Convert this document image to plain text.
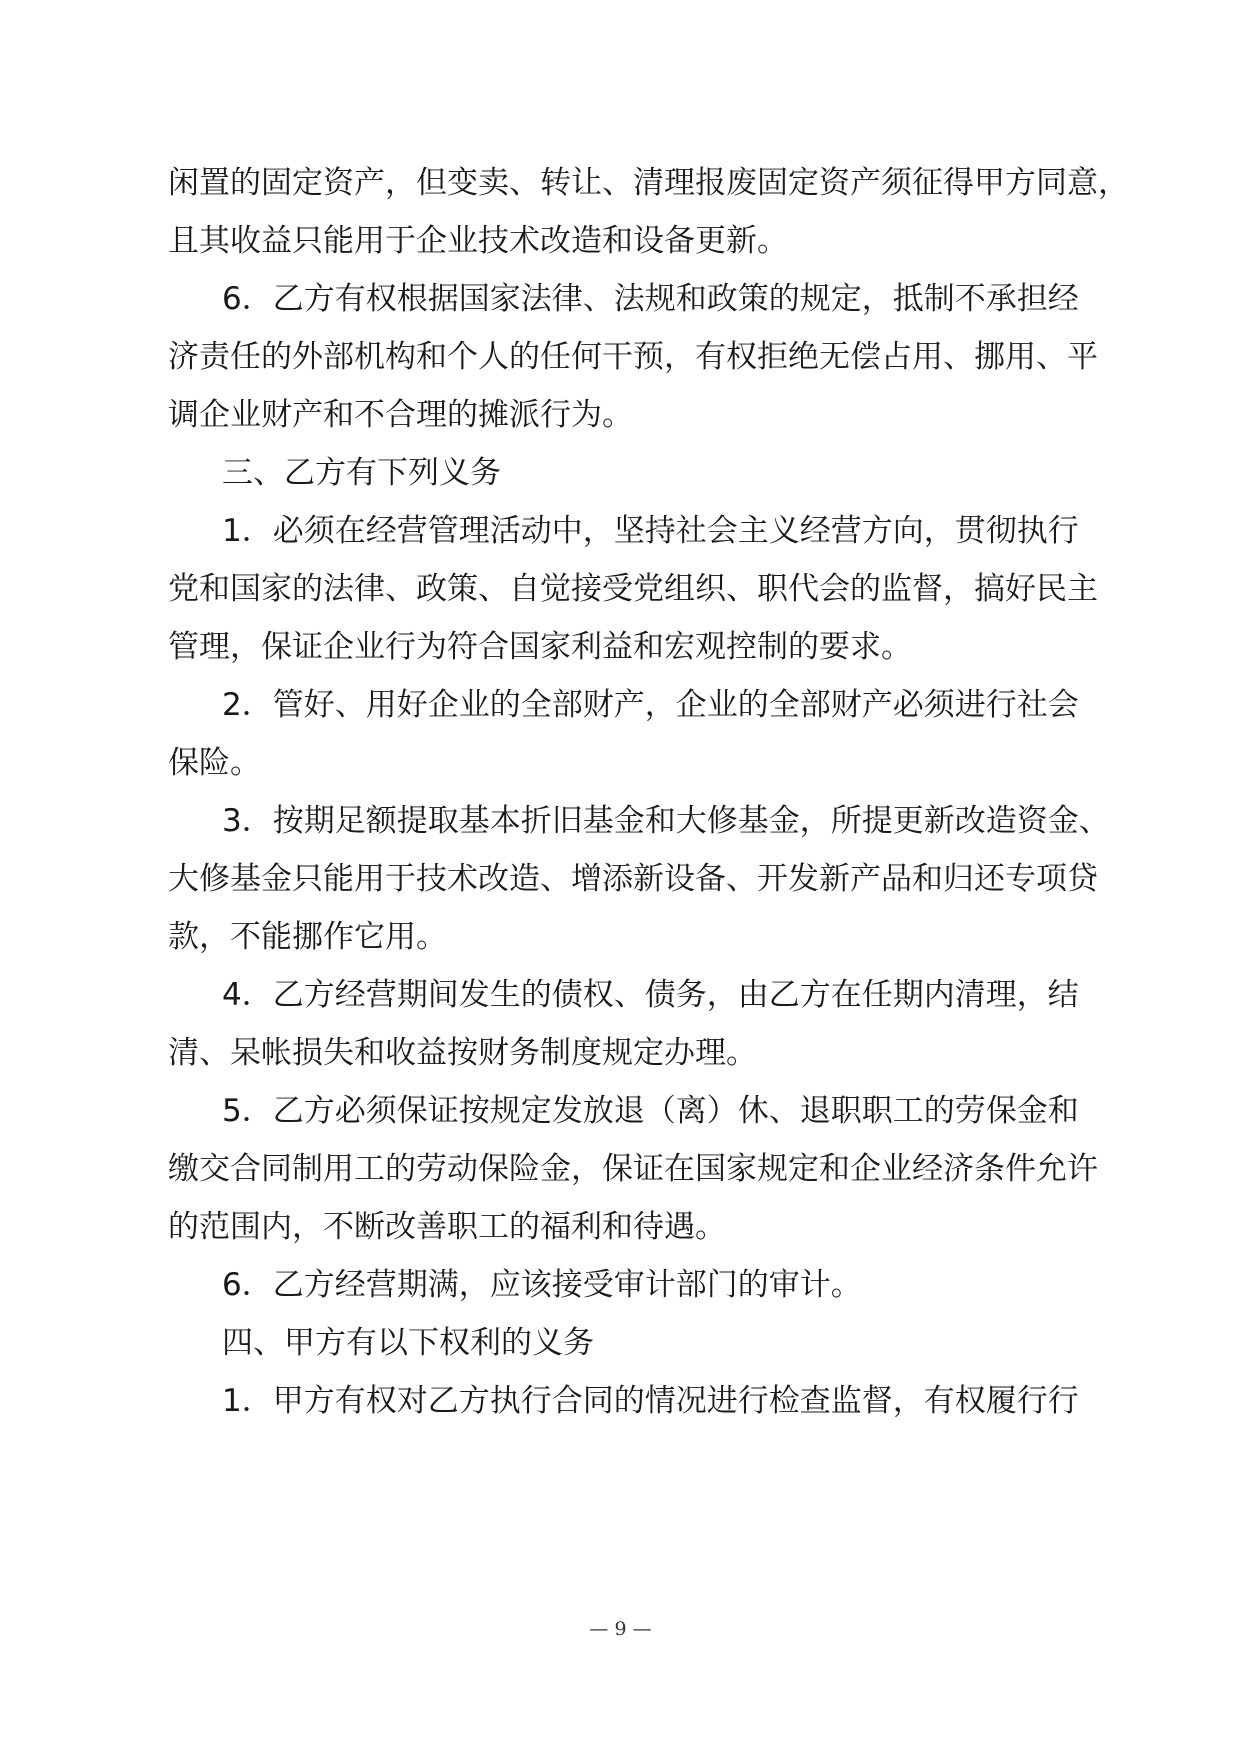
闲置的固定资产，但变卖、转让、清理报废固定资产须征得甲方同意，

且其收益只能用于企业技术改造和设备更新。

6．乙方有权根据国家法律、法规和政策的规定，抵制不承担经

济责任的外部机构和个人的任何干预，有权拒绝无偿占用、挪用、平

调企业财产和不合理的摊派行为。

三、乙方有下列义务

1．必须在经营管理活动中，坚持社会主义经营方向，贯彻执行

党和国家的法律、政策、自觉接受党组织、职代会的监督，搞好民主

管理，保证企业行为符合国家利益和宏观控制的要求。

2．管好、用好企业的全部财产，企业的全部财产必须进行社会

保险。

3．按期足额提取基本折旧基金和大修基金，所提更新改造资金、

大修基金只能用于技术改造、增添新设备、开发新产品和归还专项贷

款，不能挪作它用。

4．乙方经营期间发生的债权、债务，由乙方在任期内清理，结

清、呆帐损失和收益按财务制度规定办理。

5．乙方必须保证按规定发放退（离）休、退职职工的劳保金和

缴交合同制用工的劳动保险金，保证在国家规定和企业经济条件允许

的范围内，不断改善职工的福利和待遇。

6．乙方经营期满，应该接受审计部门的审计。

四、甲方有以下权利的义务

1．甲方有权对乙方执行合同的情况进行检查监督，有权履行行

— 9 —
